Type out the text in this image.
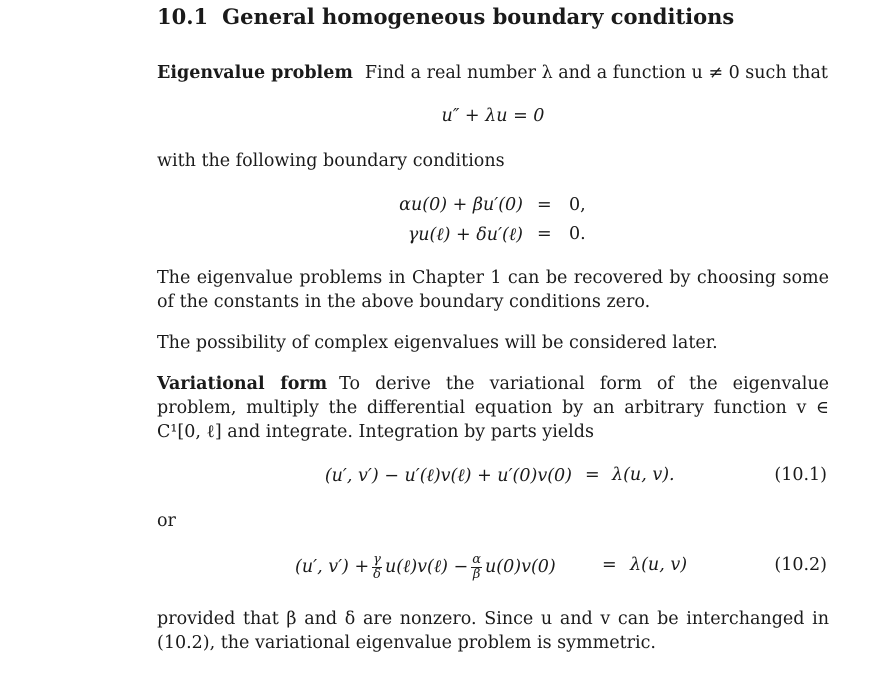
10.1 General homogeneous boundary conditions
Eigenvalue problem Find a real number λ and a function u ≠ 0 such that
u″ + λu = 0
with the following boundary conditions
αu(0) + βu′(0) = 0,
γu(ℓ) + δu′(ℓ) = 0.
The eigenvalue problems in Chapter 1 can be recovered by choosing some of the constants in the above boundary conditions zero.
The possibility of complex eigenvalues will be considered later.
Variational form To derive the variational form of the eigenvalue problem, multiply the differential equation by an arbitrary function v ∈ C¹[0, ℓ] and integrate. Integration by parts yields
(u′, v′) − u′(ℓ)v(ℓ) + u′(0)v(0) = λ(u, v).	(10.1)
or
(u′, $v') + \frac{\gamma}{\delta}$ u(ℓ)v(ℓ) − $\frac{\alpha}{\beta} u(0)v(0)$	= λ(u, v)	(10.2)
provided that β and δ are nonzero. Since u and v can be interchanged in (10.2), the variational eigenvalue problem is symmetric.
